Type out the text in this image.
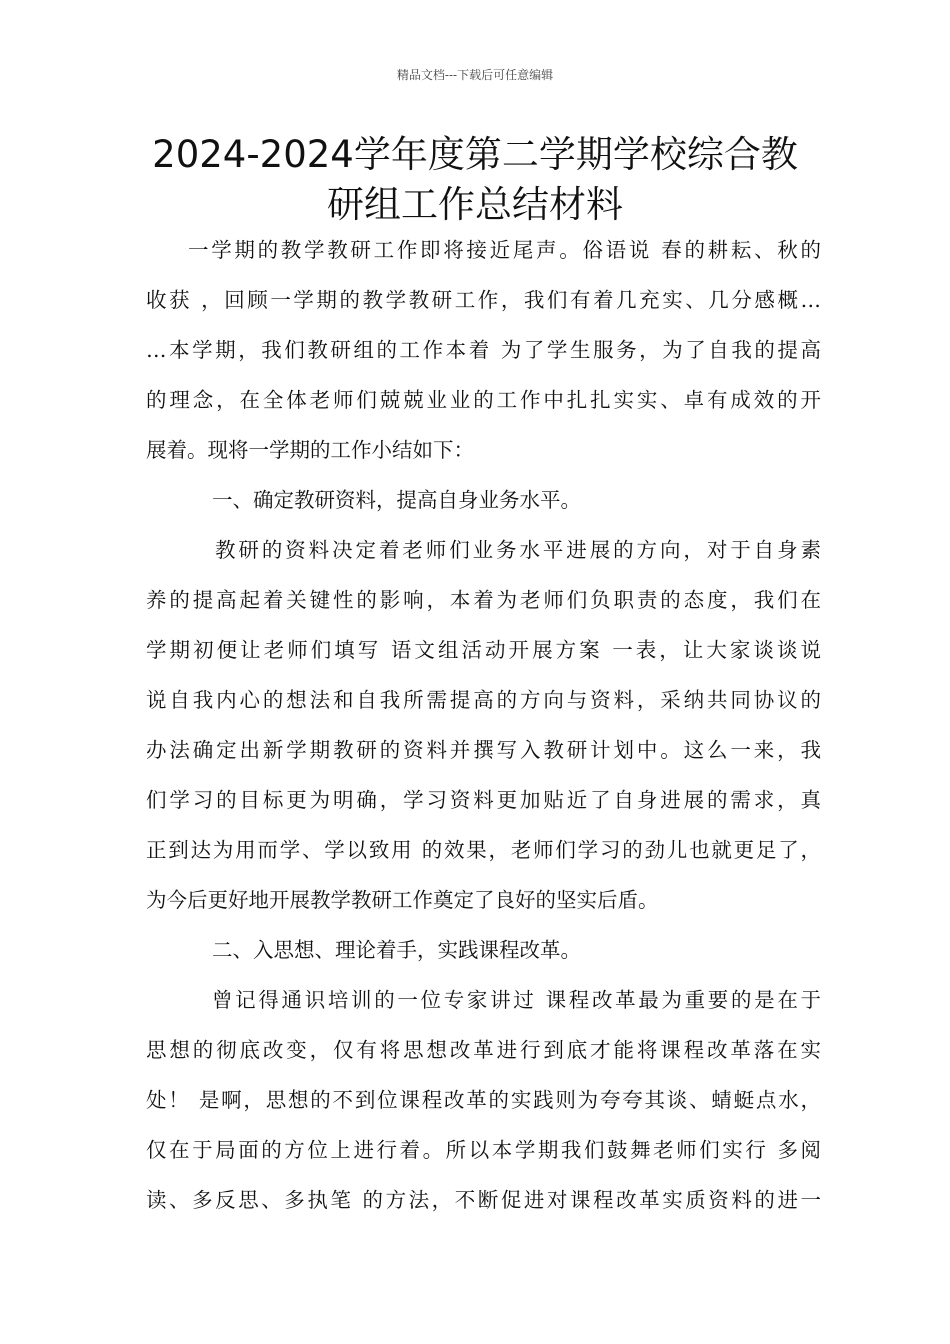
精品文档---下载后可任意编辑
2024-2024学年度第二学期学校综合教
研组工作总结材料
一学期的教学教研工作即将接近尾声。俗语说 春的耕耘、秋的
收获 ，回顾一学期的教学教研工作，我们有着几充实、几分感概…
…本学期，我们教研组的工作本着 为了学生服务，为了自我的提高
的理念，在全体老师们兢兢业业的工作中扎扎实实、卓有成效的开
展着。现将一学期的工作小结如下：
一、确定教研资料，提高自身业务水平。
教研的资料决定着老师们业务水平进展的方向，对于自身素
养的提高起着关键性的影响，本着为老师们负职责的态度，我们在
学期初便让老师们填写 语文组活动开展方案 一表，让大家谈谈说
说自我内心的想法和自我所需提高的方向与资料，采纳共同协议的
办法确定出新学期教研的资料并撰写入教研计划中。这么一来，我
们学习的目标更为明确，学习资料更加贴近了自身进展的需求，真
正到达为用而学、学以致用 的效果，老师们学习的劲儿也就更足了，
为今后更好地开展教学教研工作奠定了良好的坚实后盾。
二、入思想、理论着手，实践课程改革。
曾记得通识培训的一位专家讲过 课程改革最为重要的是在于
思想的彻底改变，仅有将思想改革进行到底才能将课程改革落在实
处！ 是啊，思想的不到位课程改革的实践则为夸夸其谈、蜻蜓点水，
仅在于局面的方位上进行着。所以本学期我们鼓舞老师们实行 多阅
读、多反思、多执笔 的方法，不断促进对课程改革实质资料的进一
